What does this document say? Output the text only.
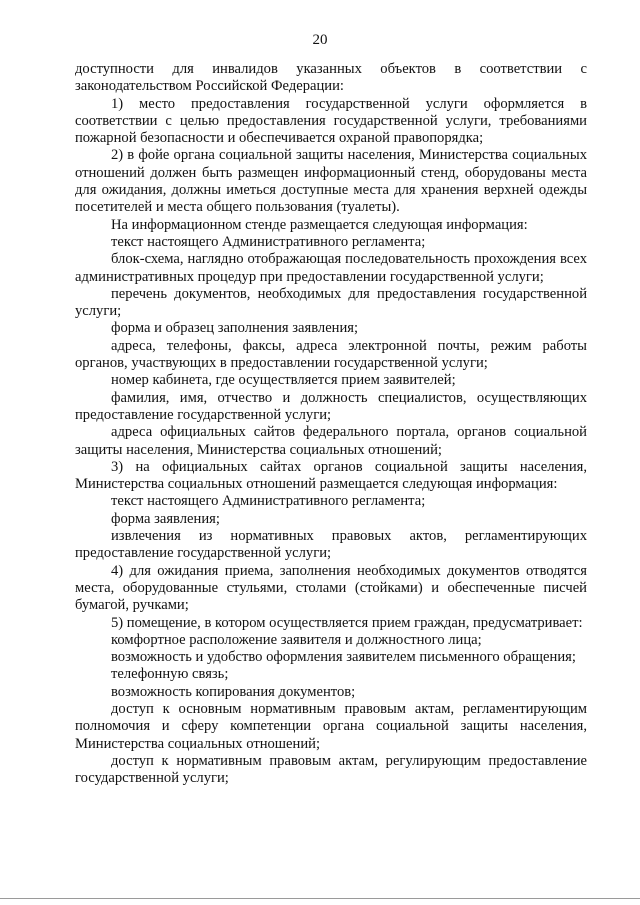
20

доступности для инвалидов указанных объектов в соответствии с законодательством Российской Федерации:

1) место предоставления государственной услуги оформляется в соответствии с целью предоставления государственной услуги, требованиями пожарной безопасности и обеспечивается охраной правопорядка;

2) в фойе органа социальной защиты населения, Министерства социальных отношений должен быть размещен информационный стенд, оборудованы места для ожидания, должны иметься доступные места для хранения верхней одежды посетителей и места общего пользования (туалеты).

На информационном стенде размещается следующая информация:

текст настоящего Административного регламента;

блок-схема, наглядно отображающая последовательность прохождения всех административных процедур при предоставлении государственной услуги;

перечень документов, необходимых для предоставления государственной услуги;

форма и образец заполнения заявления;

адреса, телефоны, факсы, адреса электронной почты, режим работы органов, участвующих в предоставлении государственной услуги;

номер кабинета, где осуществляется прием заявителей;

фамилия, имя, отчество и должность специалистов, осуществляющих предоставление государственной услуги;

адреса официальных сайтов федерального портала, органов социальной защиты населения, Министерства социальных отношений;

3) на официальных сайтах органов социальной защиты населения, Министерства социальных отношений размещается следующая информация:

текст настоящего Административного регламента;

форма заявления;

извлечения из нормативных правовых актов, регламентирующих предоставление государственной услуги;

4) для ожидания приема, заполнения необходимых документов отводятся места, оборудованные стульями, столами (стойками) и обеспеченные писчей бумагой, ручками;

5) помещение, в котором осуществляется прием граждан, предусматривает:

комфортное расположение заявителя и должностного лица;

возможность и удобство оформления заявителем письменного обращения;

телефонную связь;

возможность копирования документов;

доступ к основным нормативным правовым актам, регламентирующим полномочия и сферу компетенции органа социальной защиты населения, Министерства социальных отношений;

доступ к нормативным правовым актам, регулирующим предоставление государственной услуги;
